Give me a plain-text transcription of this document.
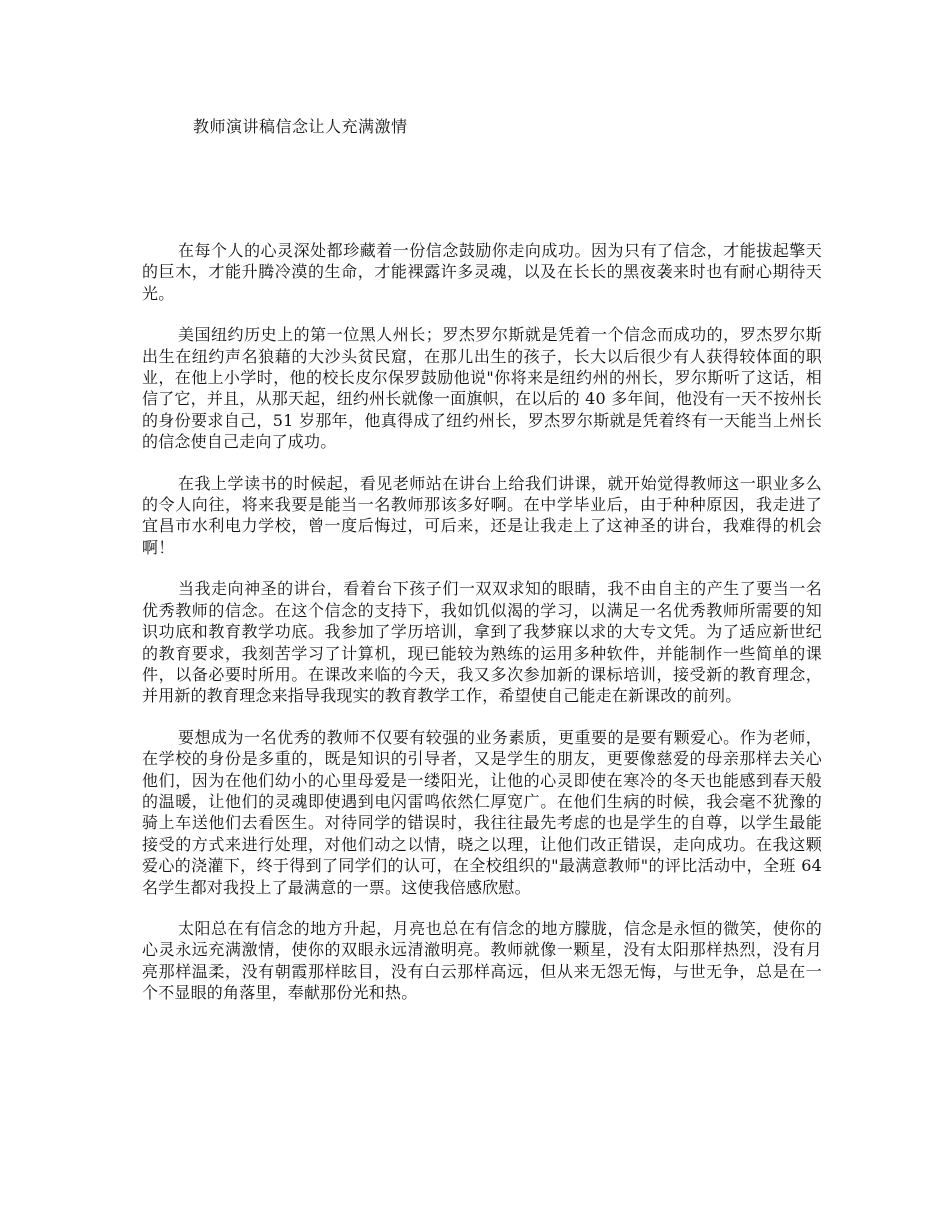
教师演讲稿信念让人充满激情

在每个人的心灵深处都珍藏着一份信念鼓励你走向成功。因为只有了信念，才能拔起擎天的巨木，才能升腾冷漠的生命，才能裸露许多灵魂，以及在长长的黑夜袭来时也有耐心期待天光。

美国纽约历史上的第一位黑人州长；罗杰罗尔斯就是凭着一个信念而成功的，罗杰罗尔斯出生在纽约声名狼藉的大沙头贫民窟，在那儿出生的孩子，长大以后很少有人获得较体面的职业，在他上小学时，他的校长皮尔保罗鼓励他说"你将来是纽约州的州长，罗尔斯听了这话，相信了它，并且，从那天起，纽约州长就像一面旗帜，在以后的 40 多年间，他没有一天不按州长的身份要求自己，51 岁那年，他真得成了纽约州长，罗杰罗尔斯就是凭着终有一天能当上州长的信念使自己走向了成功。

在我上学读书的时候起，看见老师站在讲台上给我们讲课，就开始觉得教师这一职业多么的令人向往，将来我要是能当一名教师那该多好啊。在中学毕业后，由于种种原因，我走进了宜昌市水利电力学校，曾一度后悔过，可后来，还是让我走上了这神圣的讲台，我难得的机会啊！

当我走向神圣的讲台，看着台下孩子们一双双求知的眼睛，我不由自主的产生了要当一名优秀教师的信念。在这个信念的支持下，我如饥似渴的学习，以满足一名优秀教师所需要的知识功底和教育教学功底。我参加了学历培训，拿到了我梦寐以求的大专文凭。为了适应新世纪的教育要求，我刻苦学习了计算机，现已能较为熟练的运用多种软件，并能制作一些简单的课件，以备必要时所用。在课改来临的今天，我又多次参加新的课标培训，接受新的教育理念，并用新的教育理念来指导我现实的教育教学工作，希望使自己能走在新课改的前列。

要想成为一名优秀的教师不仅要有较强的业务素质，更重要的是要有颗爱心。作为老师，在学校的身份是多重的，既是知识的引导者，又是学生的朋友，更要像慈爱的母亲那样去关心他们，因为在他们幼小的心里母爱是一缕阳光，让他的心灵即使在寒冷的冬天也能感到春天般的温暖，让他们的灵魂即使遇到电闪雷鸣依然仁厚宽广。在他们生病的时候，我会毫不犹豫的骑上车送他们去看医生。对待同学的错误时，我往往最先考虑的也是学生的自尊，以学生最能接受的方式来进行处理，对他们动之以情，晓之以理，让他们改正错误，走向成功。在我这颗爱心的浇灌下，终于得到了同学们的认可，在全校组织的"最满意教师"的评比活动中，全班 64 名学生都对我投上了最满意的一票。这使我倍感欣慰。

太阳总在有信念的地方升起，月亮也总在有信念的地方朦胧，信念是永恒的微笑，使你的心灵永远充满激情，使你的双眼永远清澈明亮。教师就像一颗星，没有太阳那样热烈，没有月亮那样温柔，没有朝霞那样眩目，没有白云那样高远，但从来无怨无悔，与世无争，总是在一个不显眼的角落里，奉献那份光和热。
